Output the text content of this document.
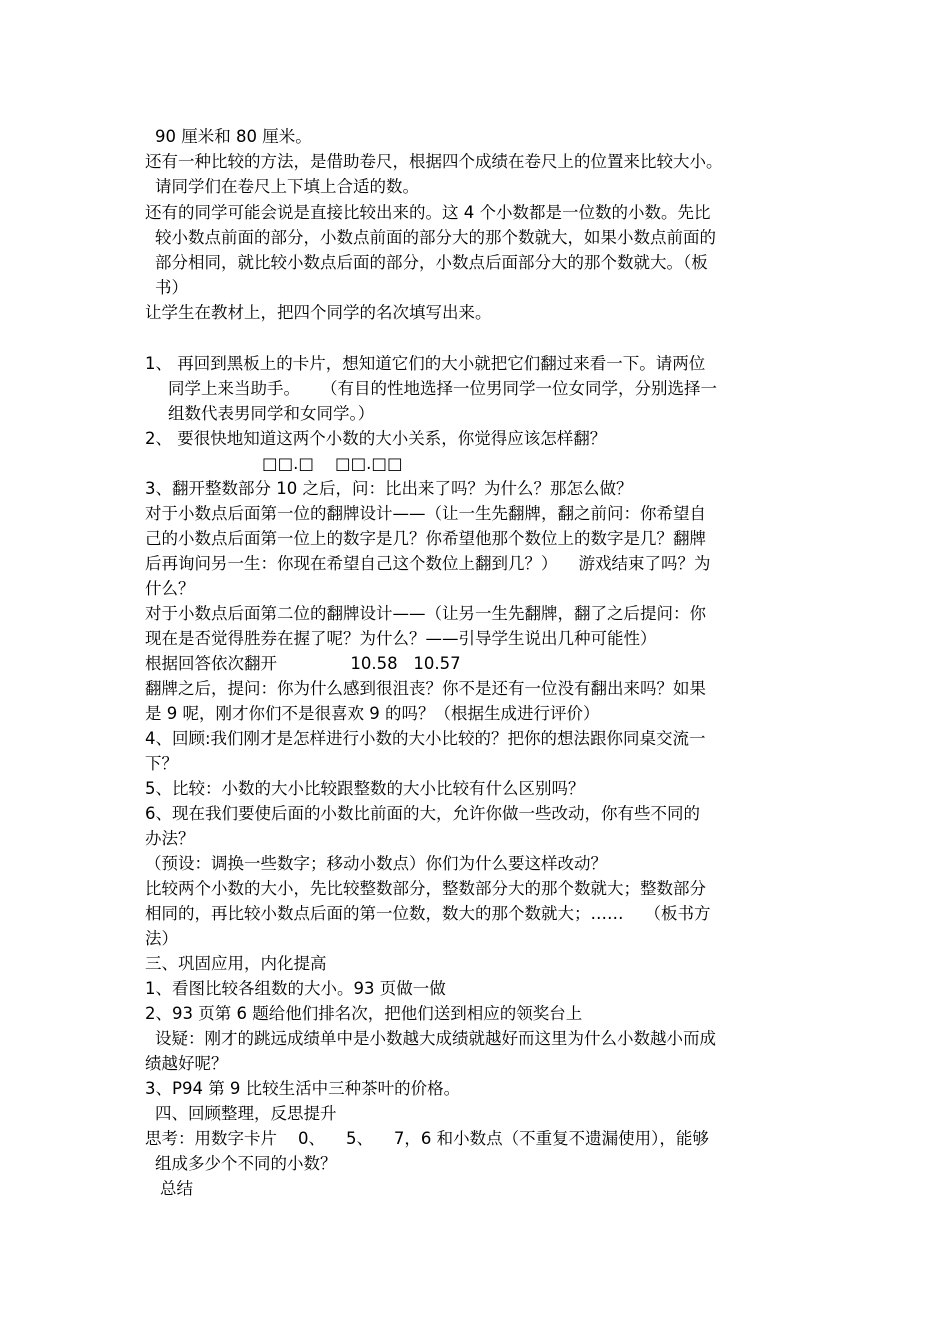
90 厘米和 80 厘米。
还有一种比较的方法，是借助卷尺，根据四个成绩在卷尺上的位置来比较大小。
请同学们在卷尺上下填上合适的数。
还有的同学可能会说是直接比较出来的。这 4 个小数都是一位数的小数。先比
较小数点前面的部分，小数点前面的部分大的那个数就大，如果小数点前面的
部分相同，就比较小数点后面的部分，小数点后面部分大的那个数就大。（板
书）
让学生在教材上，把四个同学的名次填写出来。
1、 再回到黑板上的卡片，想知道它们的大小就把它们翻过来看一下。请两位
同学上来当助手。    （有目的性地选择一位男同学一位女同学，分别选择一
组数代表男同学和女同学。）
2、 要很快地知道这两个小数的大小关系，你觉得应该怎样翻？
□□.□    □□.□□
3、翻开整数部分 10 之后，问：比出来了吗？为什么？那怎么做？
对于小数点后面第一位的翻牌设计——（让一生先翻牌，翻之前问：你希望自
己的小数点后面第一位上的数字是几？你希望他那个数位上的数字是几？翻牌
后再询问另一生：你现在希望自己这个数位上翻到几？）    游戏结束了吗？为
什么？
对于小数点后面第二位的翻牌设计——（让另一生先翻牌，翻了之后提问：你
现在是否觉得胜券在握了呢？为什么？——引导学生说出几种可能性）
根据回答依次翻开              10.58   10.57
翻牌之后，提问：你为什么感到很沮丧？你不是还有一位没有翻出来吗？如果
是 9 呢，刚才你们不是很喜欢 9 的吗？（根据生成进行评价）
4、回顾:我们刚才是怎样进行小数的大小比较的？把你的想法跟你同桌交流一
下？
5、比较：小数的大小比较跟整数的大小比较有什么区别吗？
6、现在我们要使后面的小数比前面的大，允许你做一些改动，你有些不同的
办法？
（预设：调换一些数字；移动小数点）你们为什么要这样改动？
比较两个小数的大小，先比较整数部分，整数部分大的那个数就大；整数部分
相同的，再比较小数点后面的第一位数，数大的那个数就大；……    （板书方
法）
三、巩固应用，内化提高
1、看图比较各组数的大小。93 页做一做
2、93 页第 6 题给他们排名次，把他们送到相应的领奖台上
设疑：刚才的跳远成绩单中是小数越大成绩就越好而这里为什么小数越小而成
绩越好呢？
3、P94 第 9 比较生活中三种茶叶的价格。
四、回顾整理，反思提升
思考：用数字卡片    0、    5、    7，6 和小数点（不重复不遗漏使用），能够
组成多少个不同的小数？
总结
